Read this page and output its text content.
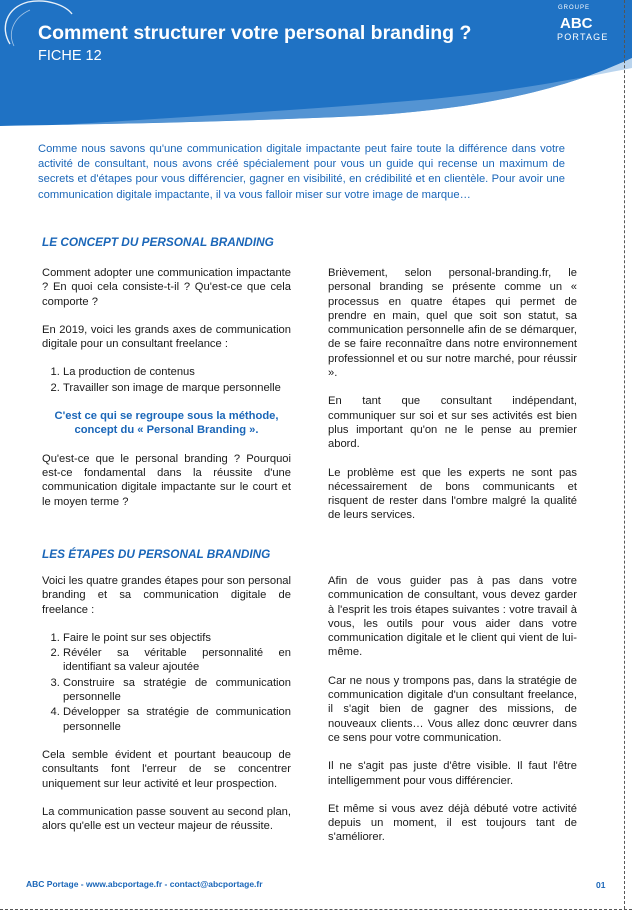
Comment structurer votre personal branding ?
FICHE 12
GROUPE
ABC
PORTAGE

Comme nous savons qu'une communication digitale impactante peut faire toute la différence dans votre activité de consultant, nous avons créé spécialement pour vous un guide qui recense un maximum de secrets et d'étapes pour vous différencier, gagner en visibilité, en crédibilité et en clientèle. Pour avoir une communication digitale impactante, il va vous falloir miser sur votre image de marque…

LE CONCEPT DU PERSONAL BRANDING

Comment adopter une communication impactante ? En quoi cela consiste-t-il ? Qu'est-ce que cela comporte ?

En 2019, voici les grands axes de communication digitale pour un consultant freelance :

1. La production de contenus
2. Travailler son image de marque personnelle

C'est ce qui se regroupe sous la méthode, concept du « Personal Branding ».

Qu'est-ce que le personal branding ? Pourquoi est-ce fondamental dans la réussite d'une communication digitale impactante sur le court et le moyen terme ?

Brièvement, selon personal-branding.fr, le personal branding se présente comme un « processus en quatre étapes qui permet de prendre en main, quel que soit son statut, sa communication personnelle afin de se démarquer, de se faire reconnaître dans notre environnement professionnel et ou sur notre marché, pour réussir ».

En tant que consultant indépendant, communiquer sur soi et sur ses activités est bien plus important qu'on ne le pense au premier abord.

Le problème est que les experts ne sont pas nécessairement de bons communicants et risquent de rester dans l'ombre malgré la qualité de leurs services.

LES ÉTAPES DU PERSONAL BRANDING

Voici les quatre grandes étapes pour son personal branding et sa communication digitale de freelance :

1. Faire le point sur ses objectifs
2. Révéler sa véritable personnalité en identifiant sa valeur ajoutée
3. Construire sa stratégie de communication personnelle
4. Développer sa stratégie de communication personnelle

Cela semble évident et pourtant beaucoup de consultants font l'erreur de se concentrer uniquement sur leur activité et leur prospection.

La communication passe souvent au second plan, alors qu'elle est un vecteur majeur de réussite.

Afin de vous guider pas à pas dans votre communication de consultant, vous devez garder à l'esprit les trois étapes suivantes : votre travail à vous, les outils pour vous aider dans votre communication digitale et le client qui vient de lui-même.

Car ne nous y trompons pas, dans la stratégie de communication digitale d'un consultant freelance, il s'agit bien de gagner des missions, de nouveaux clients… Vous allez donc œuvrer dans ce sens pour votre communication.

Il ne s'agit pas juste d'être visible. Il faut l'être intelligemment pour vous différencier.

Et même si vous avez déjà débuté votre activité depuis un moment, il est toujours tant de s'améliorer.

ABC Portage - www.abcportage.fr - contact@abcportage.fr	01
